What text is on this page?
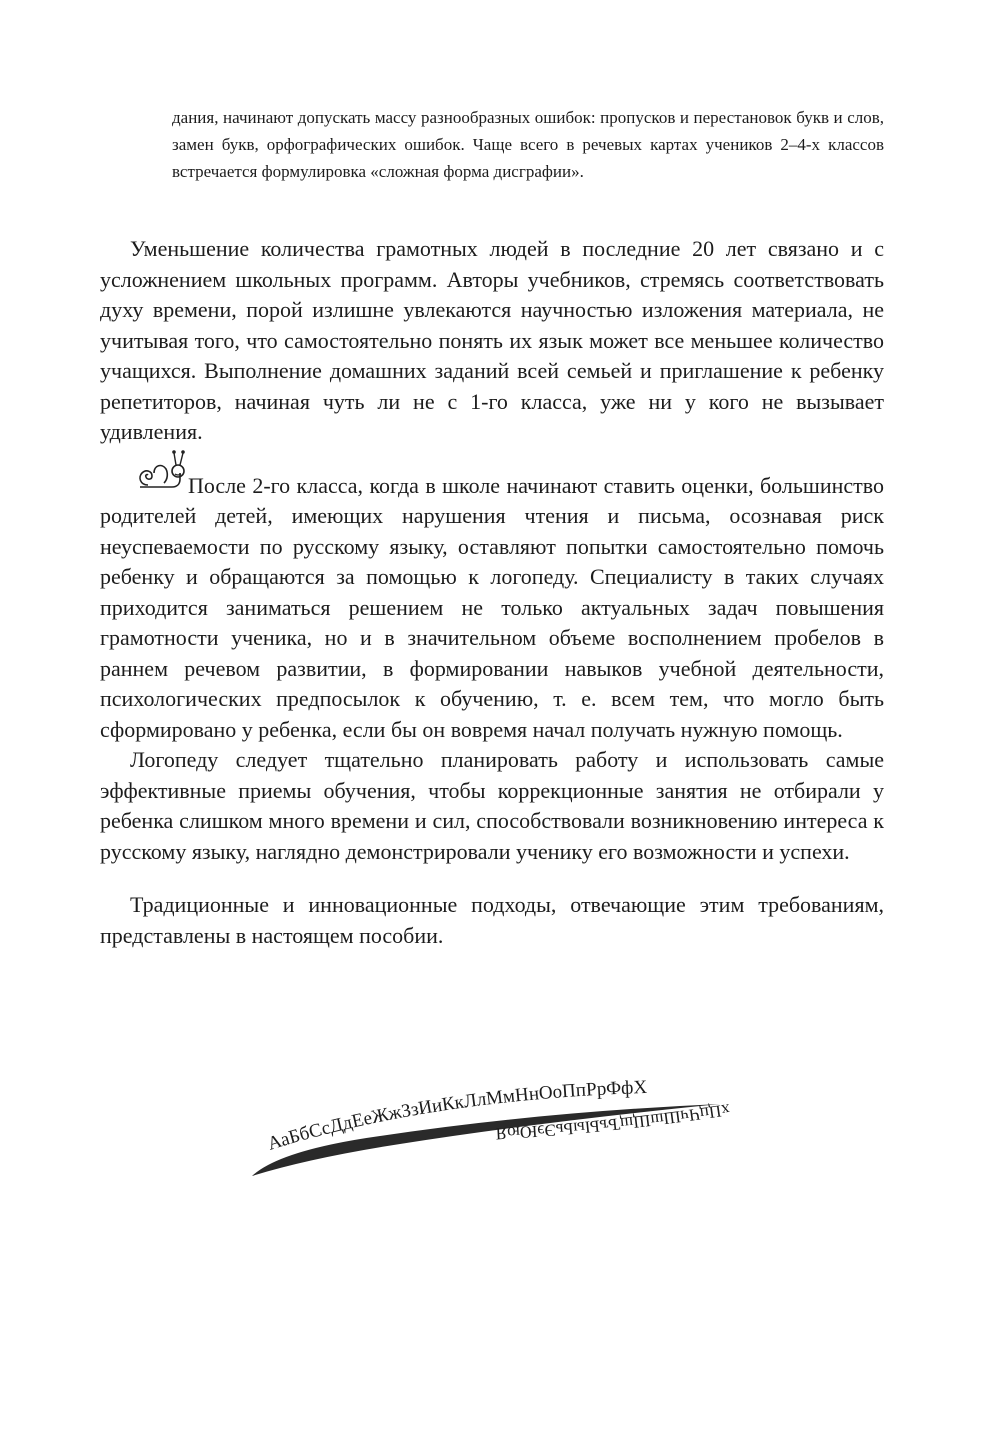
дания, начинают допускать массу разнообразных ошибок: пропусков и перестановок букв и слов, замен букв, орфографических ошибок. Чаще всего в речевых картах учеников 2–4-х классов встречается формулировка «сложная форма дисграфии».

Уменьшение количества грамотных людей в последние 20 лет связано и с усложнением школьных программ. Авторы учебников, стремясь соответствовать духу времени, порой излишне увлекаются научностью изложения материала, не учитывая того, что самостоятельно понять их язык может все меньшее количество учащихся. Выполнение домашних заданий всей семьей и приглашение к ребенку репетиторов, начиная чуть ли не с 1-го класса, уже ни у кого не вызывает удивления.

После 2-го класса, когда в школе начинают ставить оценки, большинство родителей детей, имеющих нарушения чтения и письма, осознавая риск неуспеваемости по русскому языку, оставляют попытки самостоятельно помочь ребенку и обращаются за помощью к логопеду. Специалисту в таких случаях приходится заниматься решением не только актуальных задач повышения грамотности ученика, но и в значительном объеме восполнением пробелов в раннем речевом развитии, в формировании навыков учебной деятельности, психологических предпосылок к обучению, т. е. всем тем, что могло быть сформировано у ребенка, если бы он вовремя начал получать нужную помощь.

Логопеду следует тщательно планировать работу и использовать самые эффективные приемы обучения, чтобы коррекционные занятия не отбирали у ребенка слишком много времени и сил, способствовали возникновению интереса к русскому языку, наглядно демонстрировали ученику его возможности и успехи.

Традиционные и инновационные подходы, отвечающие этим требованиям, представлены в настоящем пособии.

АаБбСсДдЕеЖжЗзИиКкЛлМмНнОоПпРрФфХ
хЦцЧчШшЩщЪъЫыЬьЭэЮюЯ
